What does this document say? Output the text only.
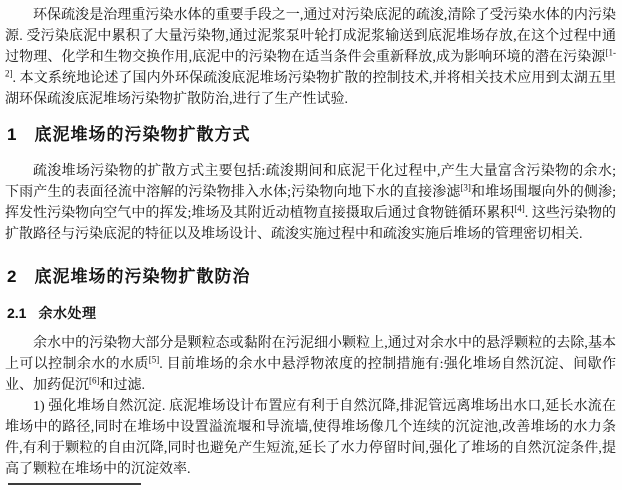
环保疏浚是治理重污染水体的重要手段之一,通过对污染底泥的疏浚,清除了受污染水体的内污染源. 受污染底泥中累积了大量污染物,通过泥浆泵叶轮打成泥浆输送到底泥堆场存放,在这个过程中通过物理、化学和生物交换作用,底泥中的污染物在适当条件会重新释放,成为影响环境的潜在污染源[1-2]. 本文系统地论述了国内外环保疏浚底泥堆场污染物扩散的控制技术,并将相关技术应用到太湖五里湖环保疏浚底泥堆场污染物扩散防治,进行了生产性试验.

1 底泥堆场的污染物扩散方式

疏浚堆场污染物的扩散方式主要包括:疏浚期间和底泥干化过程中,产生大量富含污染物的余水;下雨产生的表面径流中溶解的污染物排入水体;污染物向地下水的直接渗滤[3]和堆场围堰向外的侧渗;挥发性污染物向空气中的挥发;堆场及其附近动植物直接摄取后通过食物链循环累积[4]. 这些污染物的扩散路径与污染底泥的特征以及堆场设计、疏浚实施过程中和疏浚实施后堆场的管理密切相关.

2 底泥堆场的污染物扩散防治
2.1 余水处理

余水中的污染物大部分是颗粒态或黏附在污泥细小颗粒上,通过对余水中的悬浮颗粒的去除,基本上可以控制余水的水质[5]. 目前堆场的余水中悬浮物浓度的控制措施有:强化堆场自然沉淀、间歇作业、加药促沉[6]和过滤.

1) 强化堆场自然沉淀. 底泥堆场设计布置应有利于自然沉降,排泥管远离堆场出水口,延长水流在堆场中的路径,同时在堆场中设置溢流堰和导流墙,使得堆场像几个连续的沉淀池,改善堆场的水力条件,有利于颗粒的自由沉降,同时也避免产生短流,延长了水力停留时间,强化了堆场的自然沉淀条件,提高了颗粒在堆场中的沉淀效率.
